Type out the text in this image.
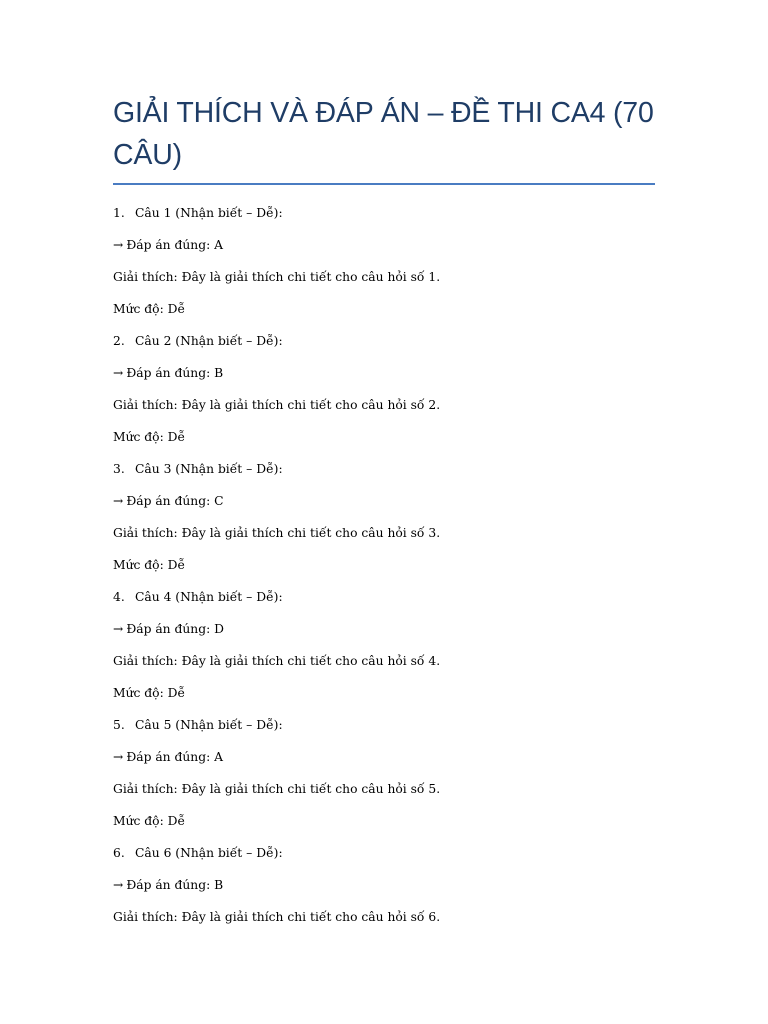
GIẢI THÍCH VÀ ĐÁP ÁN – ĐỀ THI CA4 (70 CÂU)
1. Câu 1 (Nhận biết – Dễ):
→ Đáp án đúng: A
Giải thích: Đây là giải thích chi tiết cho câu hỏi số 1.
Mức độ: Dễ
2. Câu 2 (Nhận biết – Dễ):
→ Đáp án đúng: B
Giải thích: Đây là giải thích chi tiết cho câu hỏi số 2.
Mức độ: Dễ
3. Câu 3 (Nhận biết – Dễ):
→ Đáp án đúng: C
Giải thích: Đây là giải thích chi tiết cho câu hỏi số 3.
Mức độ: Dễ
4. Câu 4 (Nhận biết – Dễ):
→ Đáp án đúng: D
Giải thích: Đây là giải thích chi tiết cho câu hỏi số 4.
Mức độ: Dễ
5. Câu 5 (Nhận biết – Dễ):
→ Đáp án đúng: A
Giải thích: Đây là giải thích chi tiết cho câu hỏi số 5.
Mức độ: Dễ
6. Câu 6 (Nhận biết – Dễ):
→ Đáp án đúng: B
Giải thích: Đây là giải thích chi tiết cho câu hỏi số 6.
